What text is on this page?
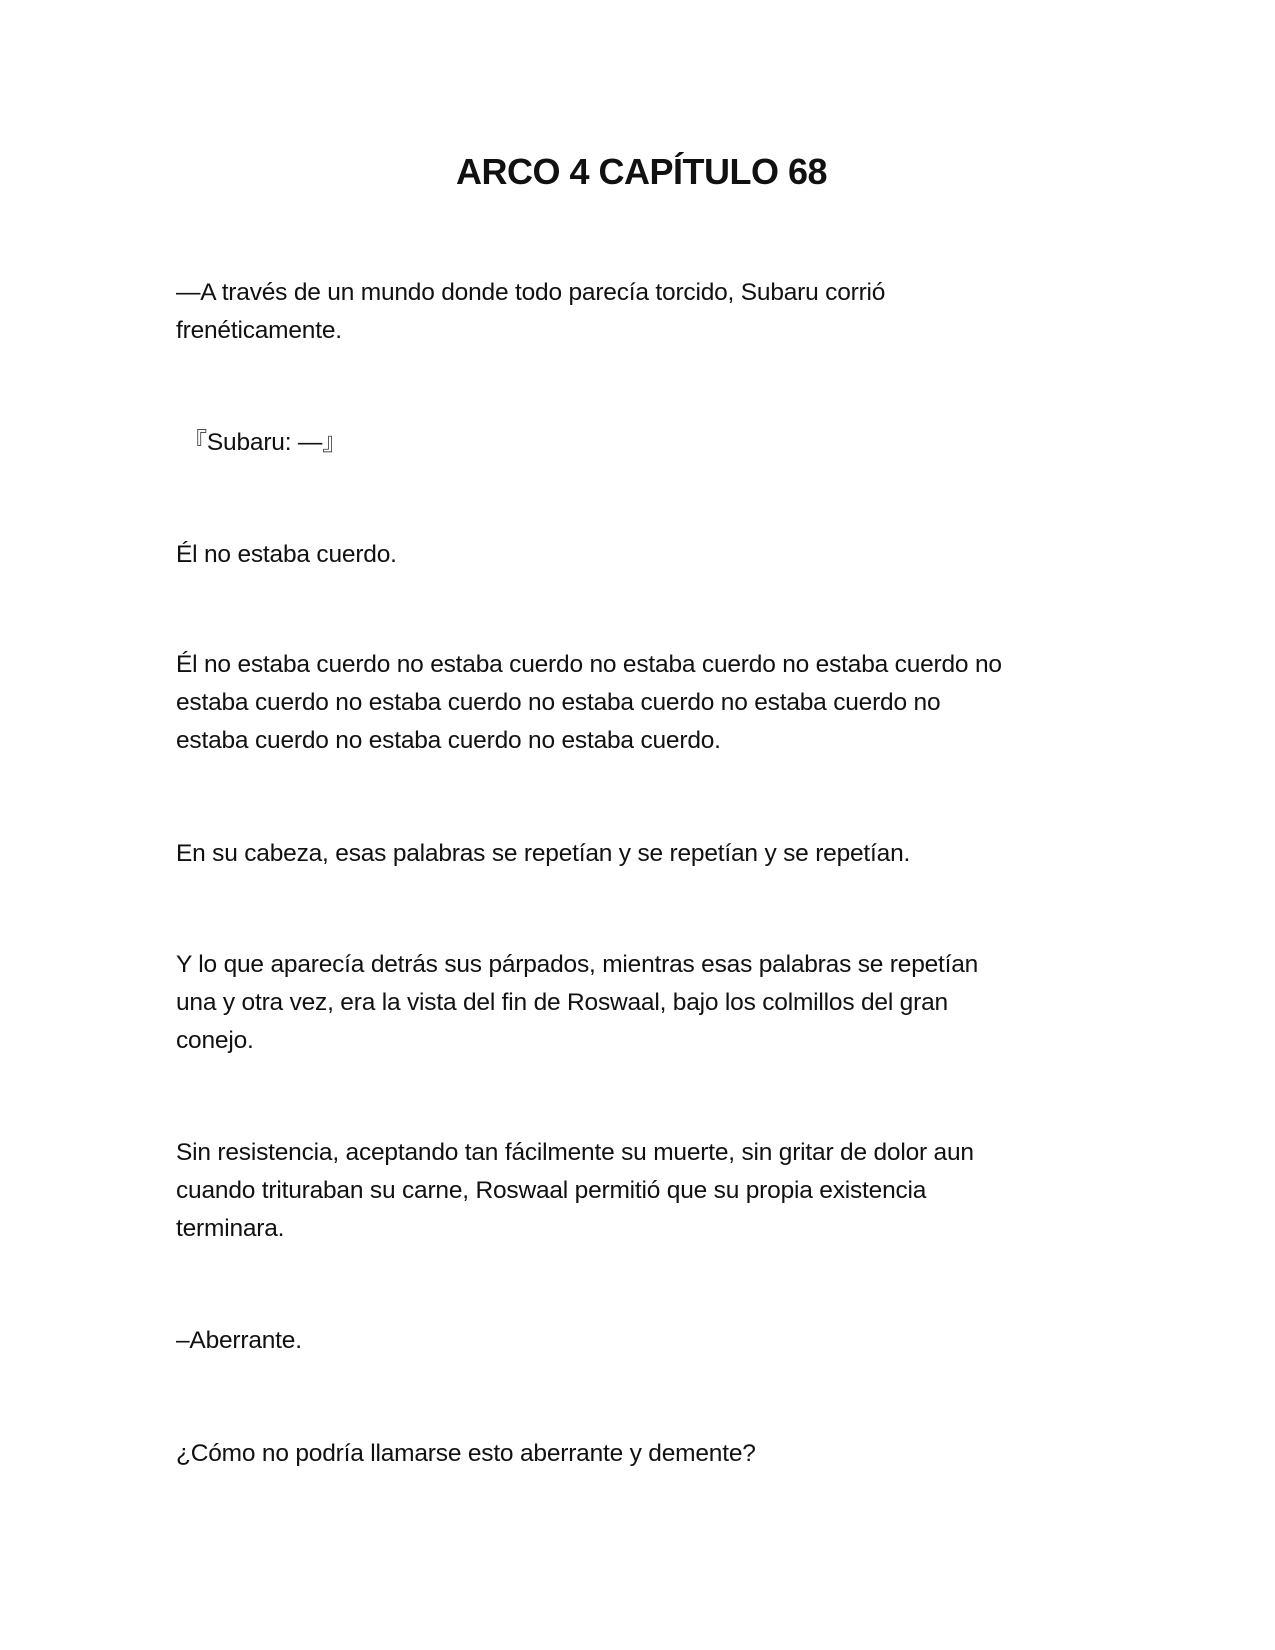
ARCO 4 CAPÍTULO 68

—A través de un mundo donde todo parecía torcido, Subaru corrió
frenéticamente.

『Subaru: —』

Él no estaba cuerdo.

Él no estaba cuerdo no estaba cuerdo no estaba cuerdo no estaba cuerdo no
estaba cuerdo no estaba cuerdo no estaba cuerdo no estaba cuerdo no
estaba cuerdo no estaba cuerdo no estaba cuerdo.

En su cabeza, esas palabras se repetían y se repetían y se repetían.

Y lo que aparecía detrás sus párpados, mientras esas palabras se repetían
una y otra vez, era la vista del fin de Roswaal, bajo los colmillos del gran
conejo.

Sin resistencia, aceptando tan fácilmente su muerte, sin gritar de dolor aun
cuando trituraban su carne, Roswaal permitió que su propia existencia
terminara.

–Aberrante.

¿Cómo no podría llamarse esto aberrante y demente?
